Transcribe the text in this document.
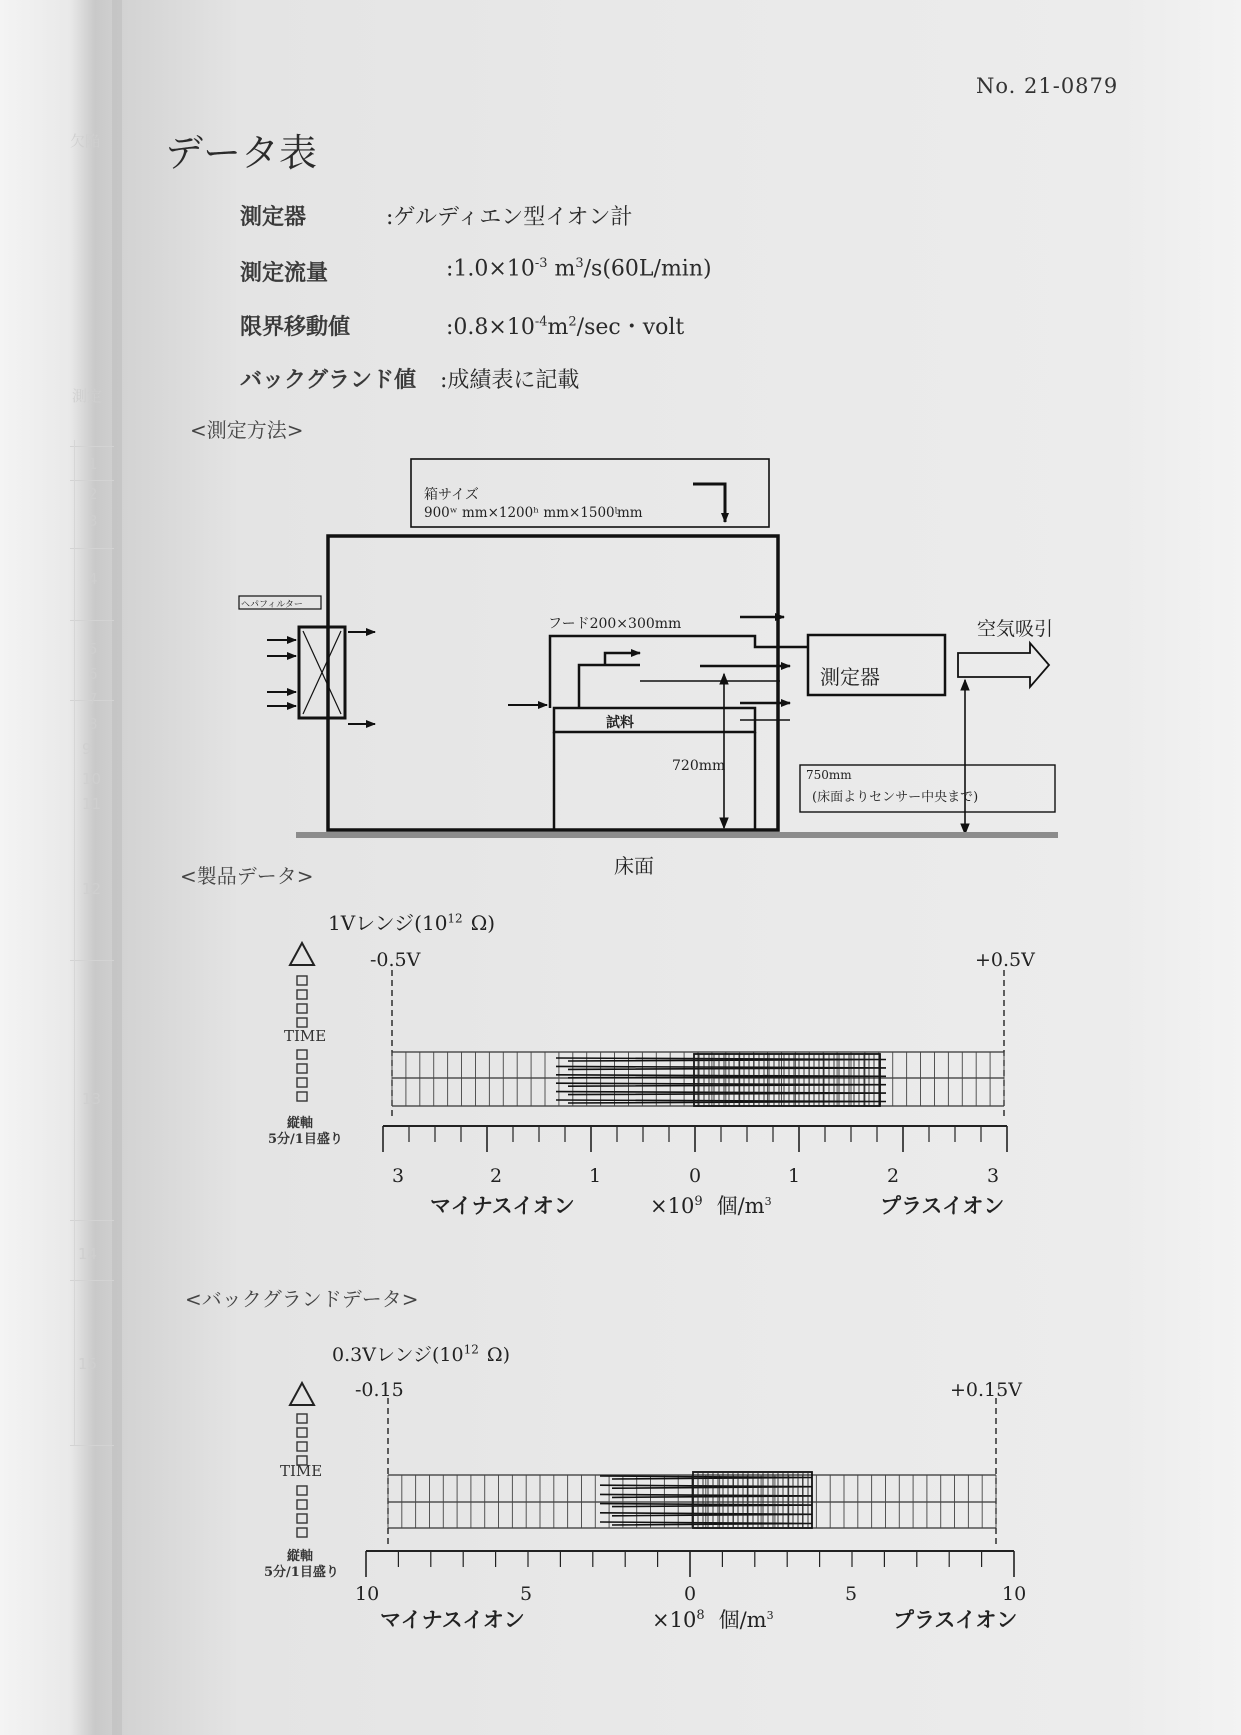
欠陥
測定
1
2
3
4
5
6
7
8
9
10
11
12
13
14
15
No. 21-0879
データ表
測定器	:ゲルディエン型イオン計
測定流量	$:1.0\times 10^{-3}$ $m^3/s(60L/\min)$
限界移動値	$:0.8\times 10^{-4}m^2/\sec$・volt
バックグランド値 :成績表に記載
<測定方法>
<製品データ>
<バックグランドデータ>
箱サイズ
900ʷ mm×1200ʰ mm×1500ᶩmm
ヘパフィルター
フード200×300mm
試料
測定器
空気吸引
720mm
750mm
(床面よりセンサー中央まで)
床面
1Vレンジ($10^{12}$ Ω)
-0.5V	+0.5V
TIME
縦軸
5分/1目盛り
3	2	1	0	1	2	3
マイナスイオン	$\times 10^9$ 個$/m^3$	プラスイオン
0.3Vレンジ($10^{12}$ Ω)
-0.15	+0.15V
TIME
縦軸
5分/1目盛り
10	5	0	5	10
マイナスイオン	$\times 10^8$ 個$/m^3$	プラスイオン
